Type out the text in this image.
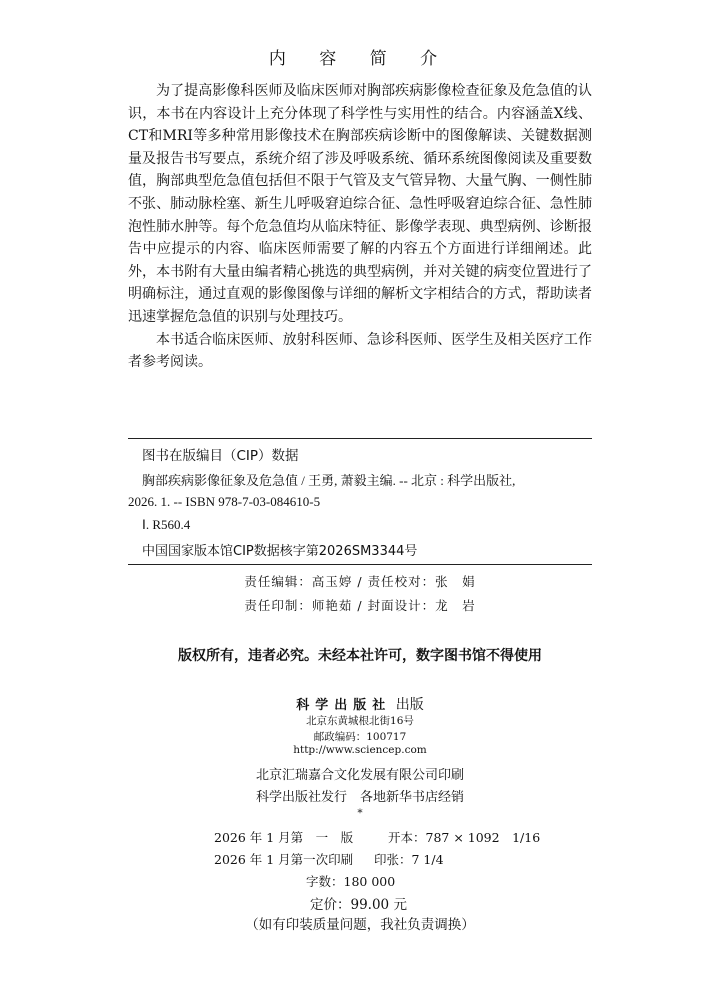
内 容 简 介

为了提高影像科医师及临床医师对胸部疾病影像检查征象及危急值的认识，本书在内容设计上充分体现了科学性与实用性的结合。内容涵盖X线、CT和MRI等多种常用影像技术在胸部疾病诊断中的图像解读、关键数据测量及报告书写要点，系统介绍了涉及呼吸系统、循环系统图像阅读及重要数值，胸部典型危急值包括但不限于气管及支气管异物、大量气胸、一侧性肺不张、肺动脉栓塞、新生儿呼吸窘迫综合征、急性呼吸窘迫综合征、急性肺泡性肺水肿等。每个危急值均从临床特征、影像学表现、典型病例、诊断报告中应提示的内容、临床医师需要了解的内容五个方面进行详细阐述。此外，本书附有大量由编者精心挑选的典型病例，并对关键的病变位置进行了明确标注，通过直观的影像图像与详细的解析文字相结合的方式，帮助读者迅速掌握危急值的识别与处理技巧。

本书适合临床医师、放射科医师、急诊科医师、医学生及相关医疗工作者参考阅读。

图书在版编目（CIP）数据
胸部疾病影像征象及危急值 / 王勇, 萧毅主编. -- 北京 : 科学出版社,
2026. 1. -- ISBN 978-7-03-084610-5
Ⅰ. R560.4
中国国家版本馆CIP数据核字第2026SM3344号
责任编辑：高玉婷 / 责任校对：张　娟
责任印制：师艳茹 / 封面设计：龙　岩
版权所有，违者必究。未经本社许可，数字图书馆不得使用
科学出版社 出版
北京东黄城根北街16号
邮政编码：100717
http://www.sciencep.com
北京汇瑞嘉合文化发展有限公司印刷
科学出版社发行　各地新华书店经销
*
2026 年 1 月第　一　版	开本：787 × 1092　1/16
2026 年 1 月第一次印刷 印张：7 1/4
字数：180 000
定价：99.00 元
（如有印装质量问题，我社负责调换）
